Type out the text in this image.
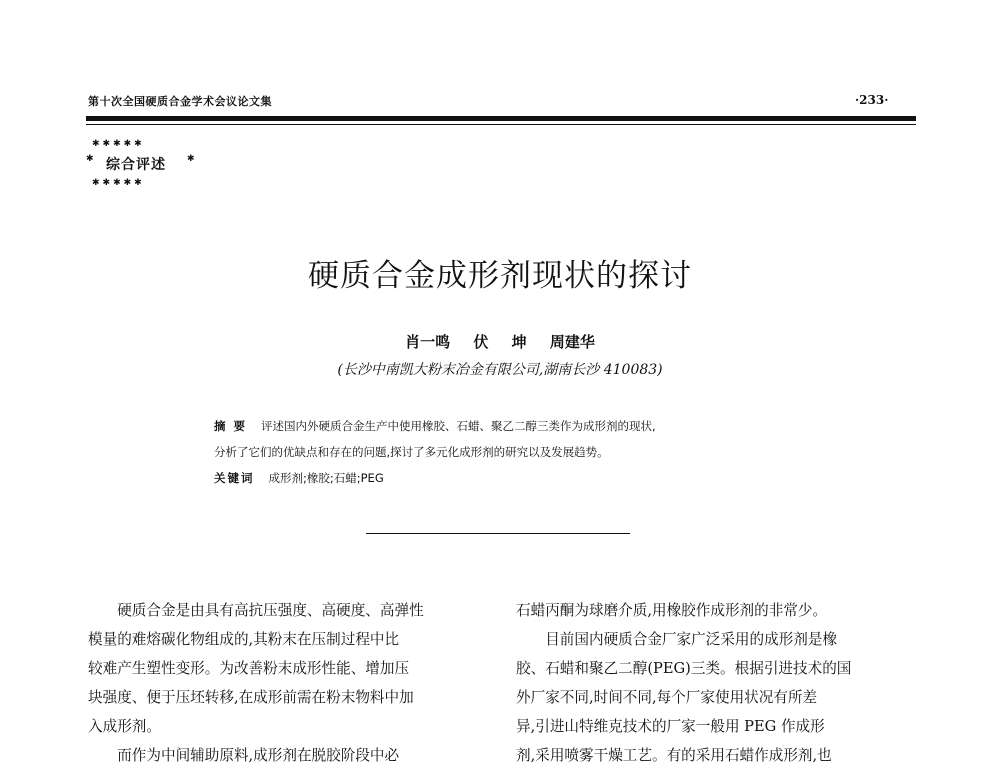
第十次全国硬质合金学术会议论文集	·233·
✱✱✱✱✱
✱✱✱✱✱
✱	✱
综合评述
硬质合金成形剂现状的探讨
肖一鸣 伏 坤 周建华
(长沙中南凯大粉末冶金有限公司,湖南长沙 410083)
摘 要 评述国内外硬质合金生产中使用橡胶、石蜡、聚乙二醇三类作为成形剂的现状,
分析了它们的优缺点和存在的问题,探讨了多元化成形剂的研究以及发展趋势。
关键词 成形剂;橡胶;石蜡;PEG

硬质合金是由具有高抗压强度、高硬度、高弹性

模量的难熔碳化物组成的,其粉末在压制过程中比

较难产生塑性变形。为改善粉末成形性能、增加压

块强度、便于压坯转移,在成形前需在粉末物料中加

入成形剂。

而作为中间辅助原料,成形剂在脱胶阶段中必

石蜡丙酮为球磨介质,用橡胶作成形剂的非常少。

目前国内硬质合金厂家广泛采用的成形剂是橡

胶、石蜡和聚乙二醇(PEG)三类。根据引进技术的国

外厂家不同,时间不同,每个厂家使用状况有所差

异,引进山特维克技术的厂家一般用 PEG 作成形

剂,采用喷雾干燥工艺。有的采用石蜡作成形剂,也
